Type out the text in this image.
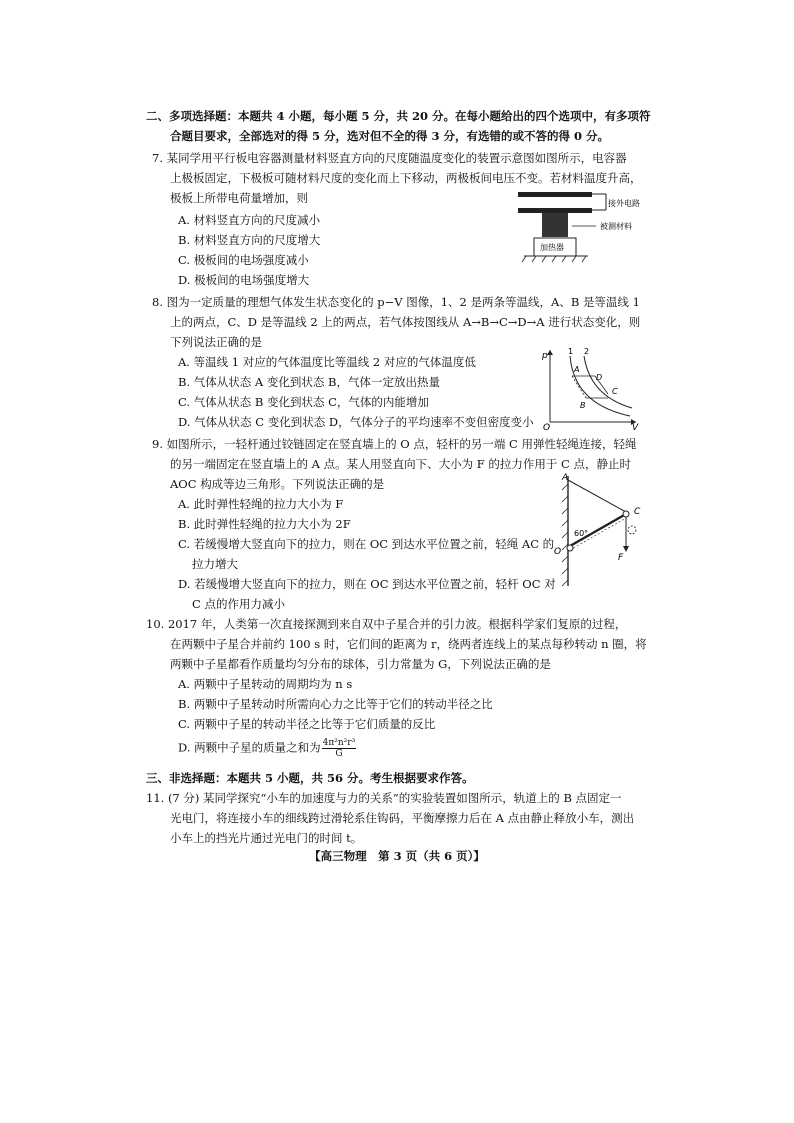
二、多项选择题：本题共 4 小题，每小题 5 分，共 20 分。在每小题给出的四个选项中，有多项符
合题目要求，全部选对的得 5 分，选对但不全的得 3 分，有选错的或不答的得 0 分。
7. 某同学用平行板电容器测量材料竖直方向的尺度随温度变化的装置示意图如图所示，电容器
上极板固定，下极板可随材料尺度的变化而上下移动，两极板间电压不变。若材料温度升高，
极板上所带电荷量增加，则
A. 材料竖直方向的尺度减小
B. 材料竖直方向的尺度增大
C. 极板间的电场强度减小
D. 极板间的电场强度增大
接外电路
被测材料
加热器
8. 图为一定质量的理想气体发生状态变化的 p−V 图像，1、2 是两条等温线，A、B 是等温线 1
上的两点，C、D 是等温线 2 上的两点，若气体按图线从 A→B→C→D→A 进行状态变化，则
下列说法正确的是
A. 等温线 1 对应的气体温度比等温线 2 对应的气体温度低
B. 气体从状态 A 变化到状态 B，气体一定放出热量
C. 气体从状态 B 变化到状态 C，气体的内能增加
D. 气体从状态 C 变化到状态 D，气体分子的平均速率不变但密度变小
p
V
O
1 2
A
B
C
D
9. 如图所示，一轻杆通过铰链固定在竖直墙上的 O 点，轻杆的另一端 C 用弹性轻绳连接，轻绳
的另一端固定在竖直墙上的 A 点。某人用竖直向下、大小为 F 的拉力作用于 C 点，静止时
AOC 构成等边三角形。下列说法正确的是
A. 此时弹性轻绳的拉力大小为 F
B. 此时弹性轻绳的拉力大小为 2F
C. 若缓慢增大竖直向下的拉力，则在 OC 到达水平位置之前，轻绳 AC 的
拉力增大
D. 若缓慢增大竖直向下的拉力，则在 OC 到达水平位置之前，轻杆 OC 对
C 点的作用力减小
A
C
O
F
60°
10. 2017 年，人类第一次直接探测到来自双中子星合并的引力波。根据科学家们复原的过程，
在两颗中子星合并前约 100 s 时，它们间的距离为 r，绕两者连线上的某点每秒转动 n 圈，将
两颗中子星都看作质量均匀分布的球体，引力常量为 G，下列说法正确的是
A. 两颗中子星转动的周期均为 n s
B. 两颗中子星转动时所需向心力之比等于它们的转动半径之比
C. 两颗中子星的转动半径之比等于它们质量的反比
D. 两颗中子星的质量之和为 $\frac{\text{4π²n²r³}}{G}$
三、非选择题：本题共 5 小题，共 56 分。考生根据要求作答。
11. (7 分) 某同学探究“小车的加速度与力的关系”的实验装置如图所示，轨道上的 B 点固定一
光电门，将连接小车的细线跨过滑轮系住钩码，平衡摩擦力后在 A 点由静止释放小车，测出
小车上的挡光片通过光电门的时间 t。
【高三物理　第 3 页（共 6 页）】
